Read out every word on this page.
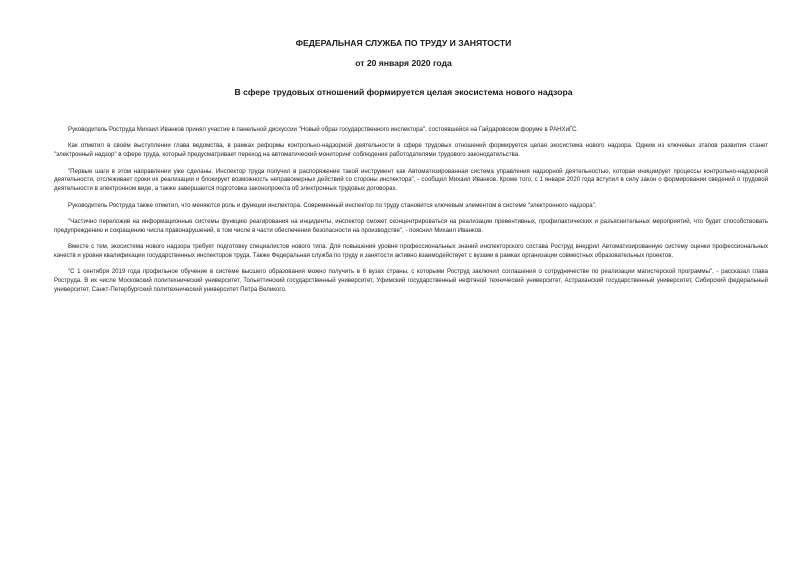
ФЕДЕРАЛЬНАЯ СЛУЖБА ПО ТРУДУ И ЗАНЯТОСТИ
от 20 января 2020 года
В сфере трудовых отношений формируется целая экосистема нового надзора

Руководитель Роструда Михаил Иванков принял участие в панельной дискуссии "Новый образ государственного инспектора", состоявшейся на Гайдаровском форуме в РАНХиГС.

Как отметил в своём выступлении глава ведомства, в рамках реформы контрольно-надзорной деятельности в сфере трудовых отношений формируется целая экосистема нового надзора. Одним из ключевых этапов развития станет "электронный надзор" в сфере труда, который предусматривает переход на автоматический мониторинг соблюдения работодателями трудового законодательства.

"Первые шаги в этом направлении уже сделаны. Инспектор труда получил в распоряжение такой инструмент как Автоматизированная система управления надзорной деятельностью, которая инициирует процессы контрольно-надзорной деятельности, отслеживает сроки их реализации и блокирует возможность неправомерных действий со стороны инспектора", - сообщил Михаил Иванков. Кроме того, с 1 января 2020 года вступил в силу закон о формировании сведений о трудовой деятельности в электронном виде, а также завершается подготовка законопроекта об электронных трудовых договорах.

Руководитель Роструда также отметил, что меняются роль и функции инспектора. Современный инспектор по труду становится ключевым элементом в системе "электронного надзора".

"Частично переложив на информационные системы функцию реагирования на инциденты, инспектор сможет сконцентрироваться на реализации превентивных, профилактических и разъяснительных мероприятий, что будет способствовать предупреждению и сокращению числа правонарушений, в том числе в части обеспечения безопасности на производстве", - пояснил Михаил Иванков.

Вместе с тем, экосистема нового надзора требует подготовку специалистов нового типа. Для повышения уровня профессиональных знаний инспекторского состава Роструд внедрил Автоматизированную систему оценки профессиональных качеств и уровня квалификации государственных инспекторов труда. Также Федеральная служба по труду и занятости активно взаимодействует с вузами в рамках организации совместных образовательных проектов.

"С 1 сентября 2019 года профильное обучение в системе высшего образования можно получить в 6 вузах страны, с которыми Роструд заключил соглашения о сотрудничестве по реализации магистерской программы", - рассказал глава Роструда. В их числе Московский политехнический университет, Тольяттинский государственный университет, Уфимский государственный нефтяной технический университет, Астраханский государственный университет, Сибирский федеральный университет, Санкт-Петербургский политехнический университет Петра Великого.
